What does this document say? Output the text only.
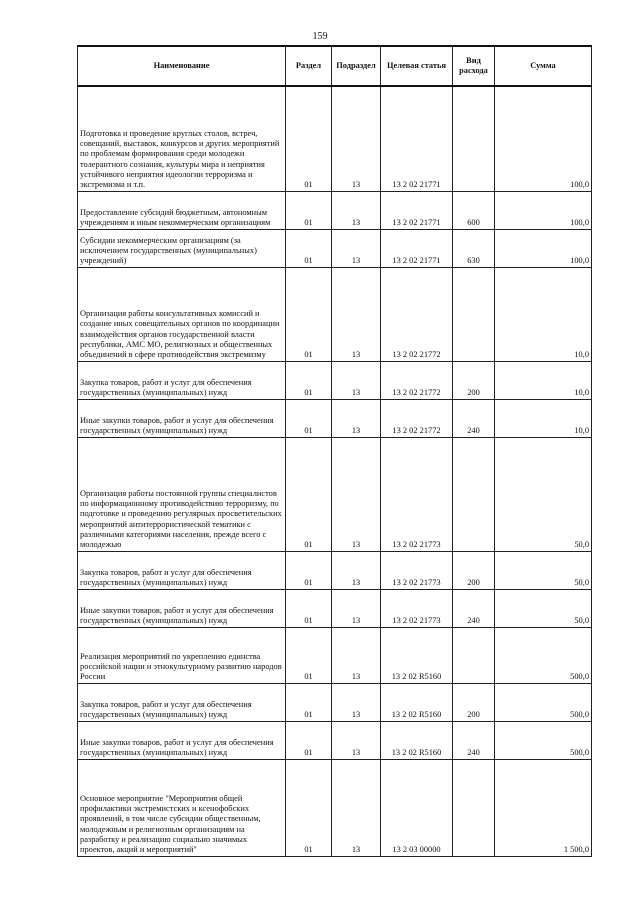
159
Наименование	Раздел	Подраздел	Целевая статья	Вид расхода	Сумма
Подготовка и проведение круглых столов, встреч, совещаний, выставок, конкурсов и других мероприятий по проблемам формирования среди молодежи толерантного сознания, культуры мира и неприятия устойчивого неприятия идеологии терроризма и экстремизма и т.п.	01	13	13 2 02 21771		100,0
Предоставление субсидий бюджетным, автономным учреждениям и иным некоммерческим организациям	01	13	13 2 02 21771	600	100,0
Субсидии некоммерческим организациям (за исключением государственных (муниципальных) учреждений)	01	13	13 2 02 21771	630	100,0
Организация работы консультативных комиссий и создание иных совещательных органов по координации взаимодействия органов государственной власти республики, АМС МО, религиозных и общественных объединений в сфере противодействия экстремизму	01	13	13 2 02 21772		10,0
Закупка товаров, работ и услуг для обеспечения государственных (муниципальных) нужд	01	13	13 2 02 21772	200	10,0
Иные закупки товаров, работ и услуг для обеспечения государственных (муниципальных) нужд	01	13	13 2 02 21772	240	10,0
Организация работы постоянной группы специалистов по информационному противодействию терроризму, по подготовке и проведению регулярных просветительских мероприятий антитеррористической тематики с различными категориями населения, прежде всего с молодежью	01	13	13 2 02 21773		50,0
Закупка товаров, работ и услуг для обеспечения государственных (муниципальных) нужд	01	13	13 2 02 21773	200	50,0
Иные закупки товаров, работ и услуг для обеспечения государственных (муниципальных) нужд	01	13	13 2 02 21773	240	50,0
Реализация мероприятий по укреплению единства российской нации и этнокультурному развитию народов России	01	13	13 2 02 R5160		500,0
Закупка товаров, работ и услуг для обеспечения государственных (муниципальных) нужд	01	13	13 2 02 R5160	200	500,0
Иные закупки товаров, работ и услуг для обеспечения государственных (муниципальных) нужд	01	13	13 2 02 R5160	240	500,0
Основное мероприятие "Мероприятия общей профилактики экстремистских и ксенофобских проявлений, в том числе субсидии общественным, молодежным и религиозным организациям на разработку и реализацию социально значимых проектов, акций и мероприятий"	01	13	13 2 03 00000		1 500,0
